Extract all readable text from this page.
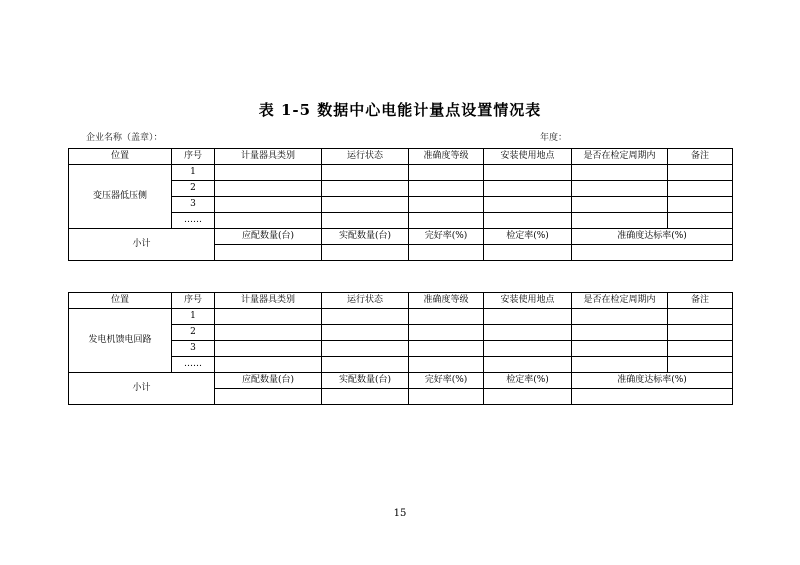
表 1-5 数据中心电能计量点设置情况表
企业名称（盖章）：	年度：
位置	序号	计量器具类别	运行状态	准确度等级	安装使用地点	是否在检定周期内	备注
变压器低压侧	1						
	2						
	3						
	……						
小计		应配数量(台)	实配数量(台)	完好率(%)	检定率(%)	准确度达标率(%)	

位置	序号	计量器具类别	运行状态	准确度等级	安装使用地点	是否在检定周期内	备注
发电机馈电回路	1						
	2						
	3						
	……						
小计		应配数量(台)	实配数量(台)	完好率(%)	检定率(%)	准确度达标率(%)	

15
